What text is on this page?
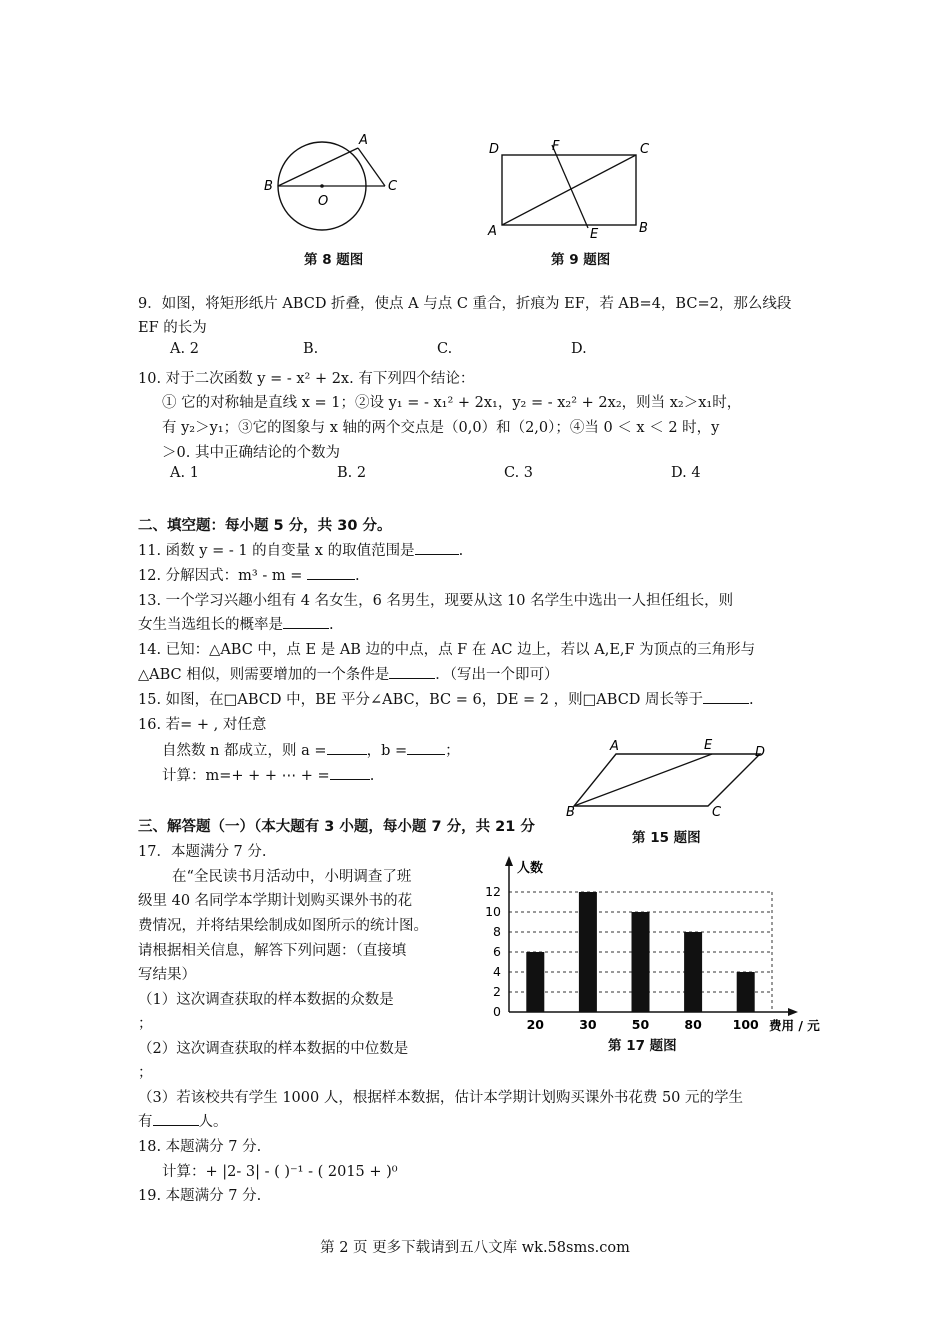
A
B	C
O
第 8 题图
D	F	C
A	E	B
第 9 题图
9．如图，将矩形纸片 ABCD 折叠，使点 A 与点 C 重合，折痕为 EF，若 AB=4，BC=2，那么线段
EF 的长为
A. 2	B.	C.	D.
10. 对于二次函数 y = - x² + 2x. 有下列四个结论：
① 它的对称轴是直线 x = 1；②设 y₁ = - x₁² + 2x₁，y₂ = - x₂² + 2x₂，则当 x₂＞x₁时，
有 y₂＞y₁；③它的图象与 x 轴的两个交点是（0,0）和（2,0）；④当 0 ＜ x ＜ 2 时，y
＞0. 其中正确结论的个数为
A. 1	B. 2	C. 3	D. 4
二、填空题：每小题 5 分，共 30 分。
11. 函数 y = - 1 的自变量 x 的取值范围是	.
12. 分解因式：m³ - m =	.
13. 一个学习兴趣小组有 4 名女生，6 名男生，现要从这 10 名学生中选出一人担任组长，则
女生当选组长的概率是	.
14. 已知：△ABC 中，点 E 是 AB 边的中点，点 F 在 AC 边上，若以 A,E,F 为顶点的三角形与
△ABC 相似，则需要增加的一个条件是	．（写出一个即可）
15. 如图，在□ABCD 中，BE 平分∠ABC，BC = 6，DE = 2 ，则□ABCD 周长等于	.
16. 若= + , 对任意
自然数 n 都成立，则 a =	，b =	；
计算：m=+ + + ⋯ + =	.
A	E	D
B	C
第 15 题图
三、解答题（一）（本大题有 3 小题，每小题 7 分，共 21 分
17．本题满分 7 分.
在“全民读书月活动中，小明调查了班
级里 40 名同学本学期计划购买课外书的花
费情况，并将结果绘制成如图所示的统计图。
请根据相关信息，解答下列问题：（直接填
写结果）
（1）这次调查获取的样本数据的众数是
；
（2）这次调查获取的样本数据的中位数是
；
（3）若该校共有学生 1000 人，根据样本数据，估计本学期计划购买课外书花费 50 元的学生
有	人。
0
2
4
6
8
10
12
20	30	50	80 100
人数
费用 / 元
第 17 题图
18. 本题满分 7 分.
计算：+ |2- 3| - ( )⁻¹ - ( 2015 + )⁰
19. 本题满分 7 分.
第 2 页 更多下载请到五八文库 wk.58sms.com
